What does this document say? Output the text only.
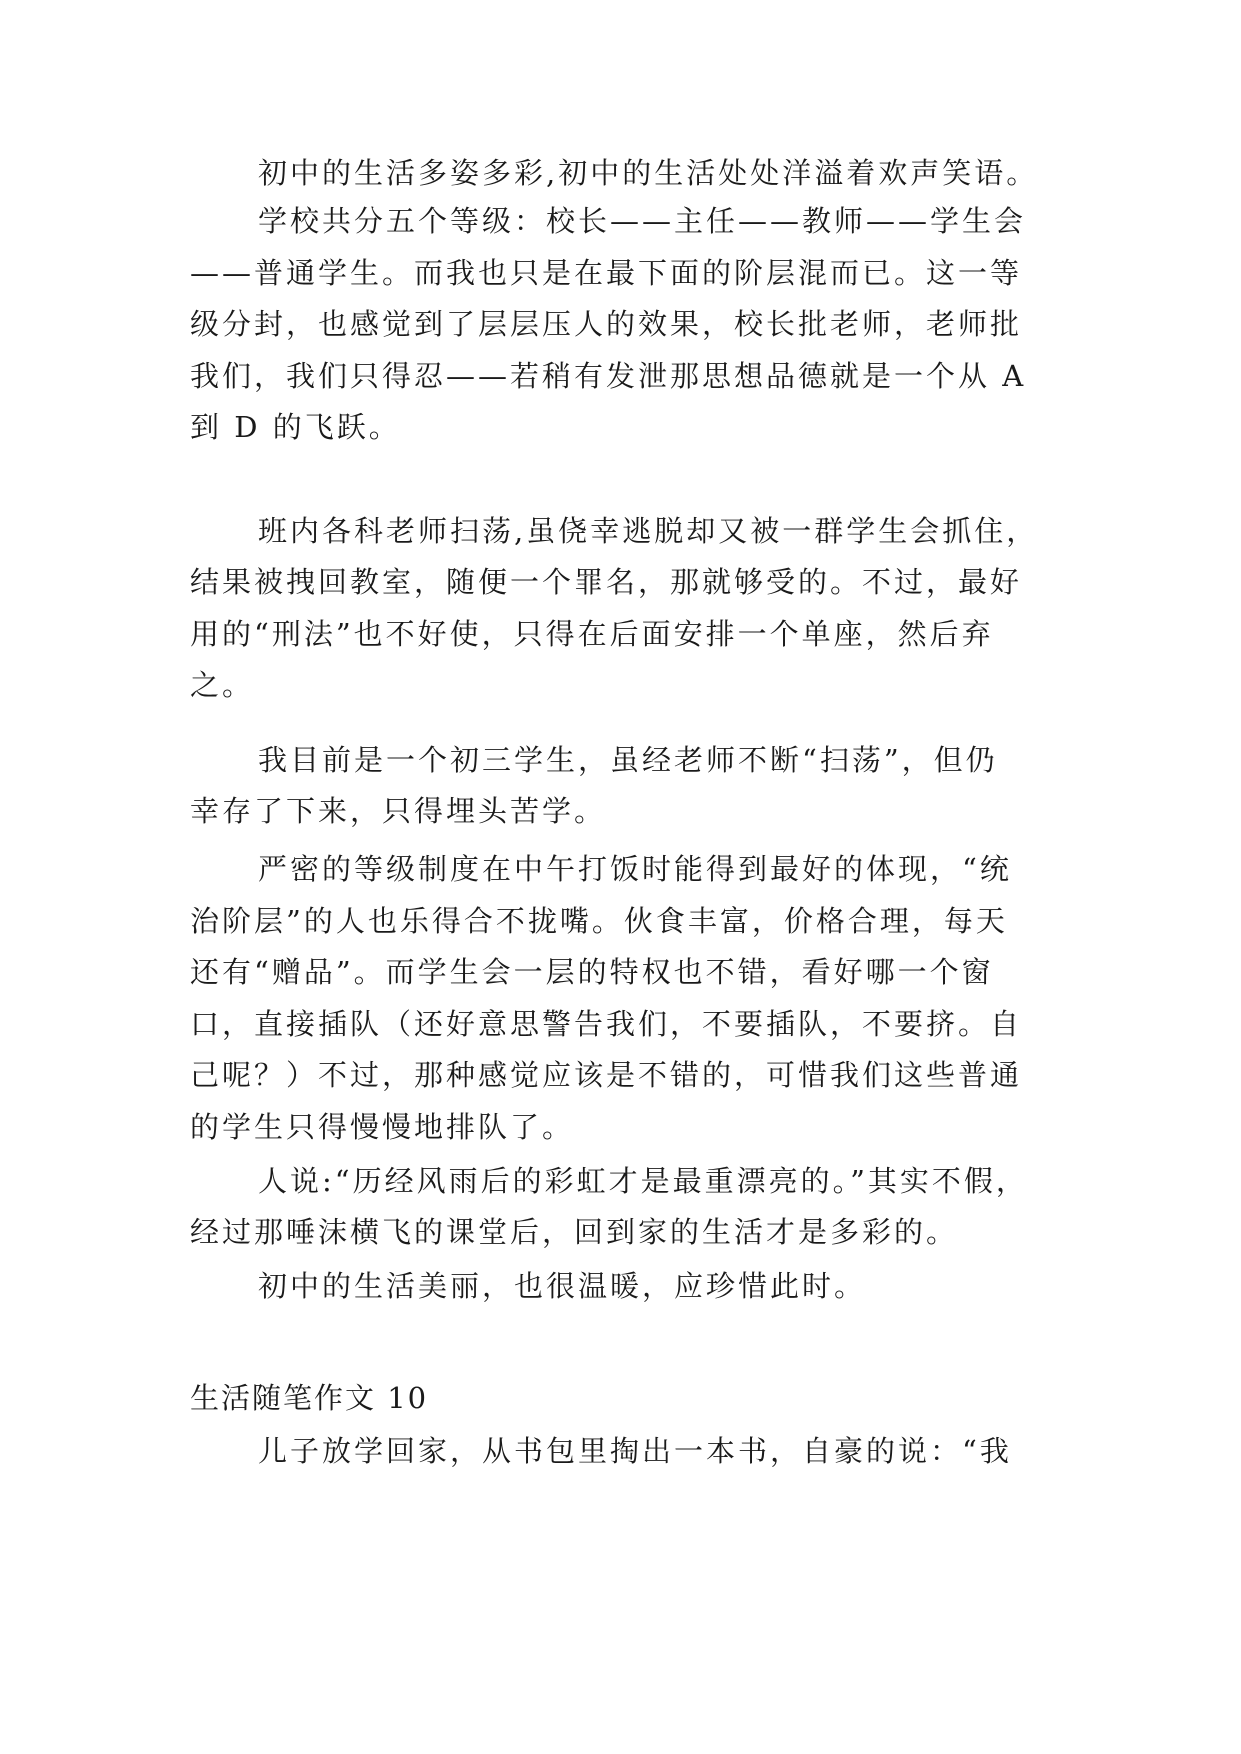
初中的生活多姿多彩,初中的生活处处洋溢着欢声笑语。
学校共分五个等级：校长——主任——教师——学生会
——普通学生。而我也只是在最下面的阶层混而已。这一等
级分封，也感觉到了层层压人的效果，校长批老师，老师批
我们，我们只得忍——若稍有发泄那思想品德就是一个从 A
到 D 的飞跃。
班内各科老师扫荡,虽侥幸逃脱却又被一群学生会抓住，
结果被拽回教室，随便一个罪名，那就够受的。不过，最好
用的“刑法”也不好使，只得在后面安排一个单座，然后弃
之。
我目前是一个初三学生，虽经老师不断“扫荡”，但仍
幸存了下来，只得埋头苦学。
严密的等级制度在中午打饭时能得到最好的体现，“统
治阶层”的人也乐得合不拢嘴。伙食丰富，价格合理，每天
还有“赠品”。而学生会一层的特权也不错，看好哪一个窗
口，直接插队（还好意思警告我们，不要插队，不要挤。自
己呢？）不过，那种感觉应该是不错的，可惜我们这些普通
的学生只得慢慢地排队了。
人说:“历经风雨后的彩虹才是最重漂亮的。”其实不假，
经过那唾沫横飞的课堂后，回到家的生活才是多彩的。
初中的生活美丽，也很温暖，应珍惜此时。
生活随笔作文 10
儿子放学回家，从书包里掏出一本书，自豪的说：“我
